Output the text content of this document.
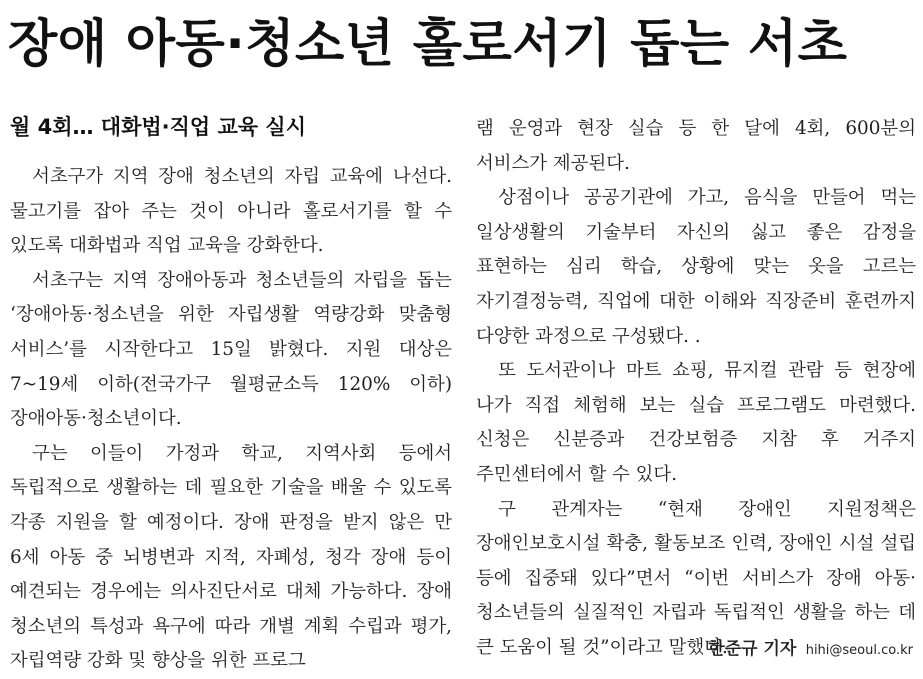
장애 아동·청소년 홀로서기 돕는 서초
월 4회… 대화법·직업 교육 실시

서초구가 지역 장애 청소년의 자립 교육에 나선다. 물고기를 잡아 주는 것이 아니라 홀로서기를 할 수 있도록 대화법과 직업 교육을 강화한다.

서초구는 지역 장애아동과 청소년들의 자립을 돕는 ‘장애아동·청소년을 위한 자립생활 역량강화 맞춤형 서비스’를 시작한다고 15일 밝혔다. 지원 대상은 7~19세 이하(전국가구 월평균소득 120% 이하) 장애아동·청소년이다.

구는 이들이 가정과 학교, 지역사회 등에서 독립적으로 생활하는 데 필요한 기술을 배울 수 있도록 각종 지원을 할 예정이다. 장애 판정을 받지 않은 만 6세 아동 중 뇌병변과 지적, 자폐성, 청각 장애 등이 예견되는 경우에는 의사진단서로 대체 가능하다. 장애 청소년의 특성과 욕구에 따라 개별 계획 수립과 평가, 자립역량 강화 및 향상을 위한 프로그

램 운영과 현장 실습 등 한 달에 4회, 600분의 서비스가 제공된다.

상점이나 공공기관에 가고, 음식을 만들어 먹는 일상생활의 기술부터 자신의 싫고 좋은 감정을 표현하는 심리 학습, 상황에 맞는 옷을 고르는 자기결정능력, 직업에 대한 이해와 직장준비 훈련까지 다양한 과정으로 구성됐다. .

또 도서관이나 마트 쇼핑, 뮤지컬 관람 등 현장에 나가 직접 체험해 보는 실습 프로그램도 마련했다. 신청은 신분증과 건강보험증 지참 후 거주지 주민센터에서 할 수 있다.

구 관계자는 “현재 장애인 지원정책은 장애인보호시설 확충, 활동보조 인력, 장애인 시설 설립 등에 집중돼 있다”면서 “이번 서비스가 장애 아동·청소년들의 실질적인 자립과 독립적인 생활을 하는 데 큰 도움이 될 것”이라고 말했다.

한준규 기자 hihi@seoul.co.kr
